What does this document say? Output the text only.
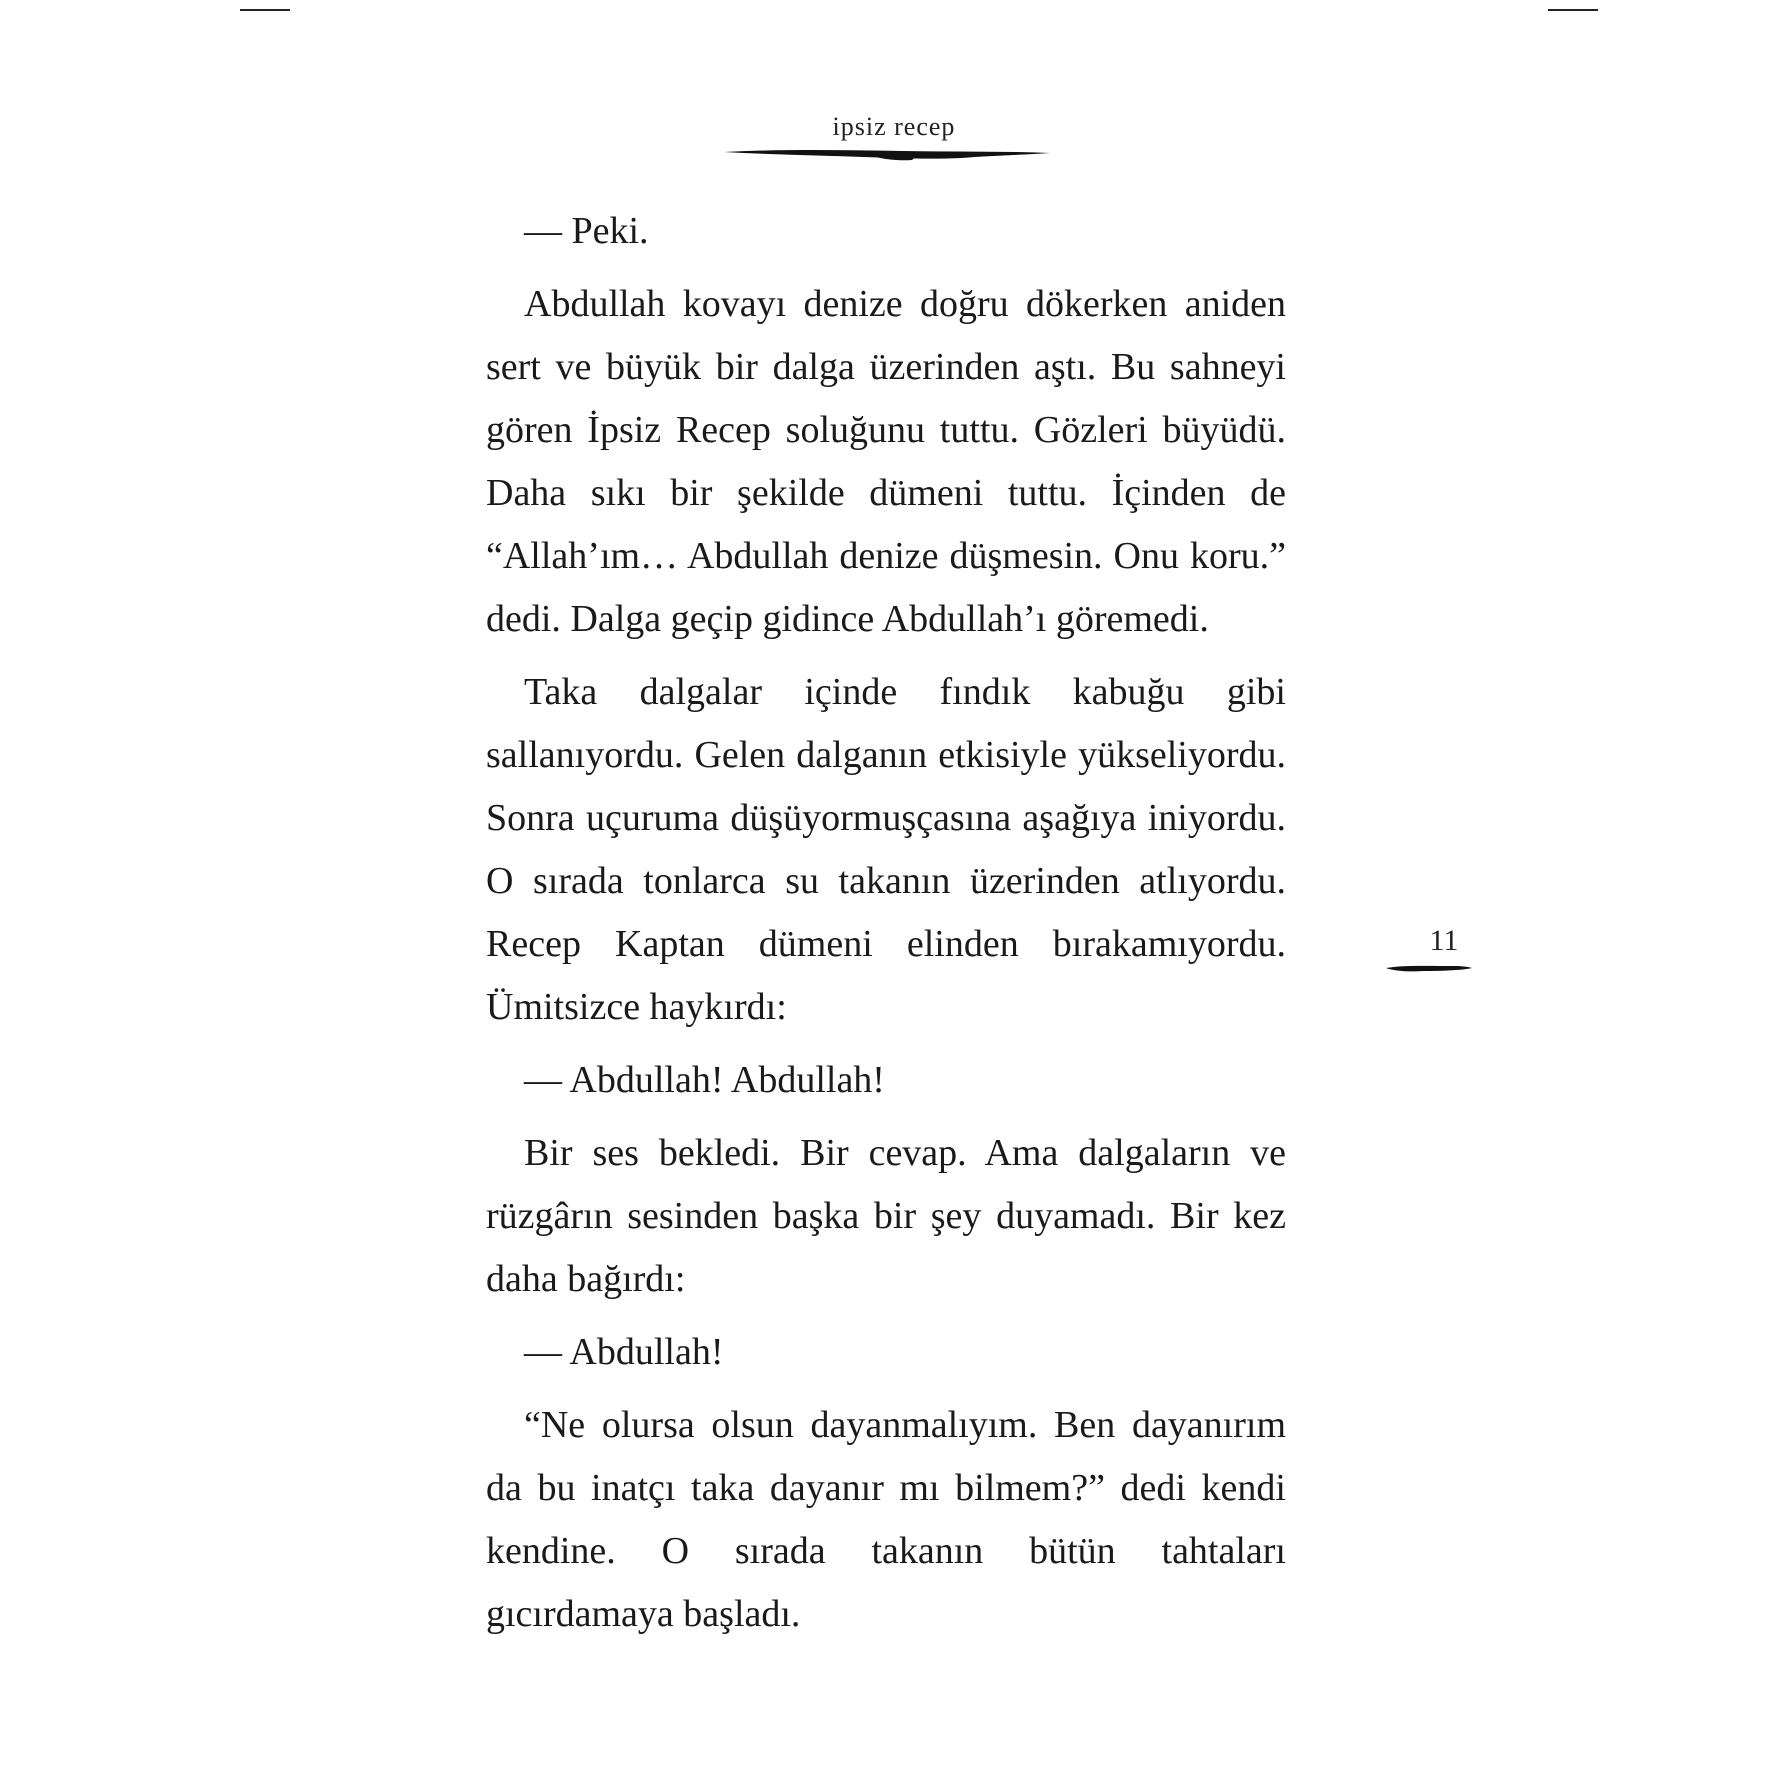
ipsiz recep

— Peki.

Abdullah kovayı denize doğru dökerken aniden sert ve büyük bir dalga üzerinden aştı. Bu sahneyi gören İpsiz Recep soluğunu tuttu. Gözleri büyüdü. Daha sıkı bir şekilde dümeni tuttu. İçinden de “Allah’ım… Abdullah denize düşmesin. Onu koru.” dedi. Dalga geçip gidince Abdullah’ı göremedi.

Taka dalgalar içinde fındık kabuğu gibi sallanıyordu. Gelen dalganın etkisiyle yükseliyordu. Sonra uçuruma düşüyormuşçasına aşağıya iniyordu. O sırada tonlarca su takanın üzerinden atlıyordu. Recep Kaptan dümeni elinden bırakamıyordu. Ümitsizce haykırdı:

— Abdullah! Abdullah!

Bir ses bekledi. Bir cevap. Ama dalgaların ve rüzgârın sesinden başka bir şey duyamadı. Bir kez daha bağırdı:

— Abdullah!

“Ne olursa olsun dayanmalıyım. Ben dayanırım da bu inatçı taka dayanır mı bilmem?” dedi kendi kendine. O sırada takanın bütün tahtaları gıcırdamaya başladı.

11
